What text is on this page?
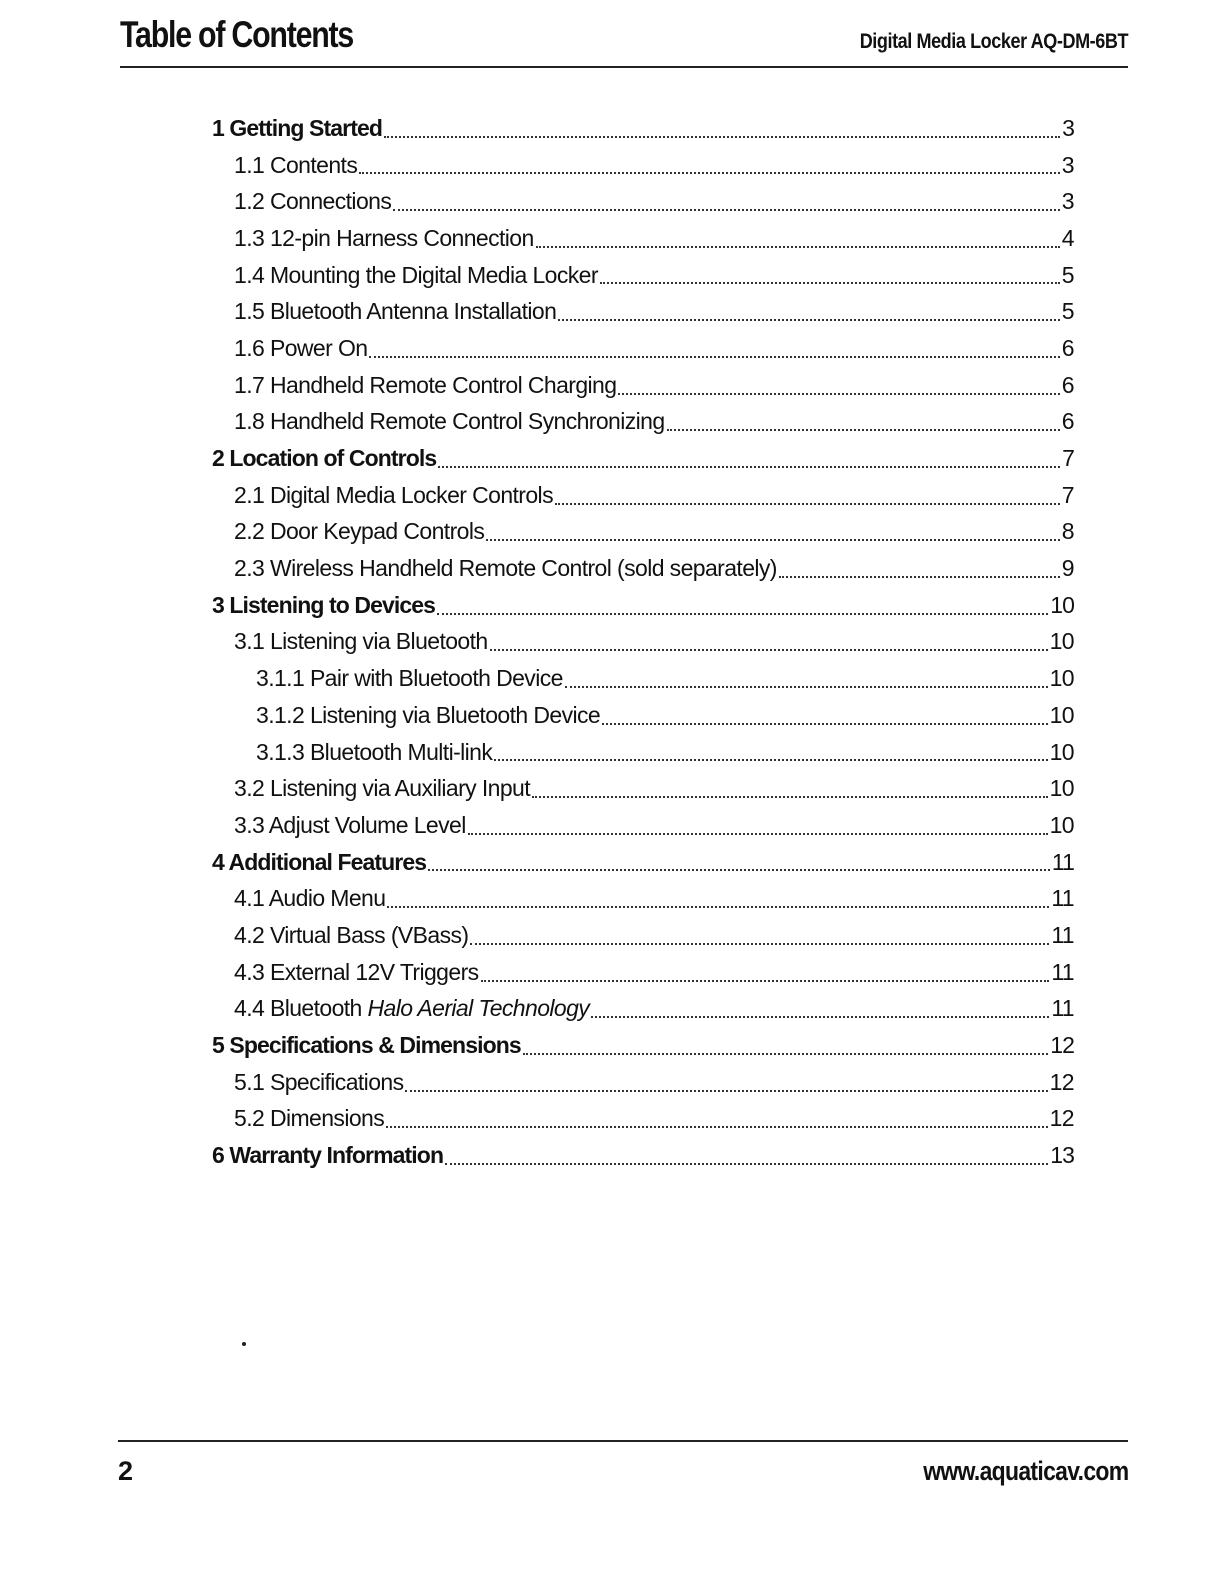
Table of Contents	Digital Media Locker AQ-DM-6BT
1 Getting Started	3
1.1 Contents	3
1.2 Connections	3
1.3 12-pin Harness Connection	4
1.4 Mounting the Digital Media Locker	5
1.5 Bluetooth Antenna Installation	5
1.6 Power On	6
1.7 Handheld Remote Control Charging	6
1.8 Handheld Remote Control Synchronizing	6
2 Location of Controls	7
2.1 Digital Media Locker Controls	7
2.2 Door Keypad Controls	8
2.3 Wireless Handheld Remote Control (sold separately)	9
3 Listening to Devices	10
3.1 Listening via Bluetooth	10
3.1.1 Pair with Bluetooth Device	10
3.1.2 Listening via Bluetooth Device	10
3.1.3 Bluetooth Multi-link	10
3.2 Listening via Auxiliary Input	10
3.3 Adjust Volume Level	10
4 Additional Features	11
4.1 Audio Menu	11
4.2 Virtual Bass (VBass)	11
4.3 External 12V Triggers	11
4.4 Bluetooth Halo Aerial Technology	11
5 Specifications & Dimensions	12
5.1 Specifications	12
5.2 Dimensions	12
6 Warranty Information	13
2	www.aquaticav.com
